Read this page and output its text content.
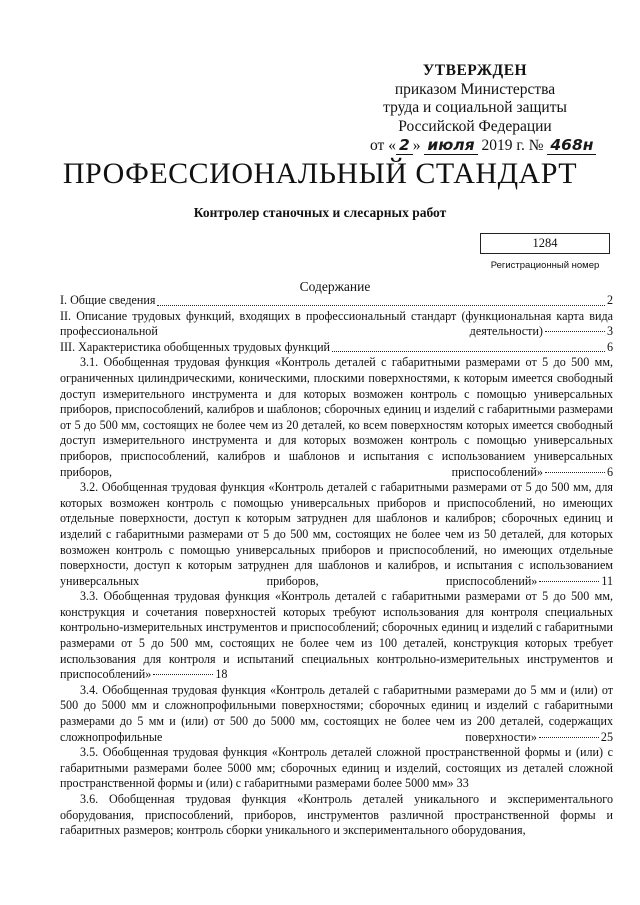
УТВЕРЖДЕН
приказом Министерства
труда и социальной защиты
Российской Федерации
от « 2 » июля 2019 г. № 468н
ПРОФЕССИОНАЛЬНЫЙ СТАНДАРТ
Контролер станочных и слесарных работ
1284
Регистрационный номер
Содержание
I. Общие сведения	2
II. Описание трудовых функций, входящих в профессиональный стандарт (функциональная карта вида профессиональной деятельности)	3
III. Характеристика обобщенных трудовых функций	6
3.1. Обобщенная трудовая функция «Контроль деталей с габаритными размерами от 5 до 500 мм, ограниченных цилиндрическими, коническими, плоскими поверхностями, к которым имеется свободный доступ измерительного инструмента и для которых возможен контроль с помощью универсальных приборов, приспособлений, калибров и шаблонов; сборочных единиц и изделий с габаритными размерами от 5 до 500 мм, состоящих не более чем из 20 деталей, ко всем поверхностям которых имеется свободный доступ измерительного инструмента и для которых возможен контроль с помощью универсальных приборов, приспособлений, калибров и шаблонов и испытания с использованием универсальных приборов, приспособлений»	6
3.2. Обобщенная трудовая функция «Контроль деталей с габаритными размерами от 5 до 500 мм, для которых возможен контроль с помощью универсальных приборов и приспособлений, но имеющих отдельные поверхности, доступ к которым затруднен для шаблонов и калибров; сборочных единиц и изделий с габаритными размерами от 5 до 500 мм, состоящих не более чем из 50 деталей, для которых возможен контроль с помощью универсальных приборов и приспособлений, но имеющих отдельные поверхности, доступ к которым затруднен для шаблонов и калибров, и испытания с использованием универсальных приборов, приспособлений»	11
3.3. Обобщенная трудовая функция «Контроль деталей с габаритными размерами от 5 до 500 мм, конструкция и сочетания поверхностей которых требуют использования для контроля специальных контрольно-измерительных инструментов и приспособлений; сборочных единиц и изделий с габаритными размерами от 5 до 500 мм, состоящих не более чем из 100 деталей, конструкция которых требует использования для контроля и испытаний специальных контрольно-измерительных инструментов и приспособлений»	18
3.4. Обобщенная трудовая функция «Контроль деталей с габаритными размерами до 5 мм и (или) от 500 до 5000 мм и сложнопрофильными поверхностями; сборочных единиц и изделий с габаритными размерами до 5 мм и (или) от 500 до 5000 мм, состоящих не более чем из 200 деталей, содержащих сложнопрофильные поверхности»	25
3.5. Обобщенная трудовая функция «Контроль деталей сложной пространственной формы и (или) с габаритными размерами более 5000 мм; сборочных единиц и изделий, состоящих из деталей сложной пространственной формы и (или) с габаритными размерами более 5000 мм» 33
3.6. Обобщенная трудовая функция «Контроль деталей уникального и экспериментального оборудования, приспособлений, приборов, инструментов различной пространственной формы и габаритных размеров; контроль сборки уникального и экспериментального оборудования,
